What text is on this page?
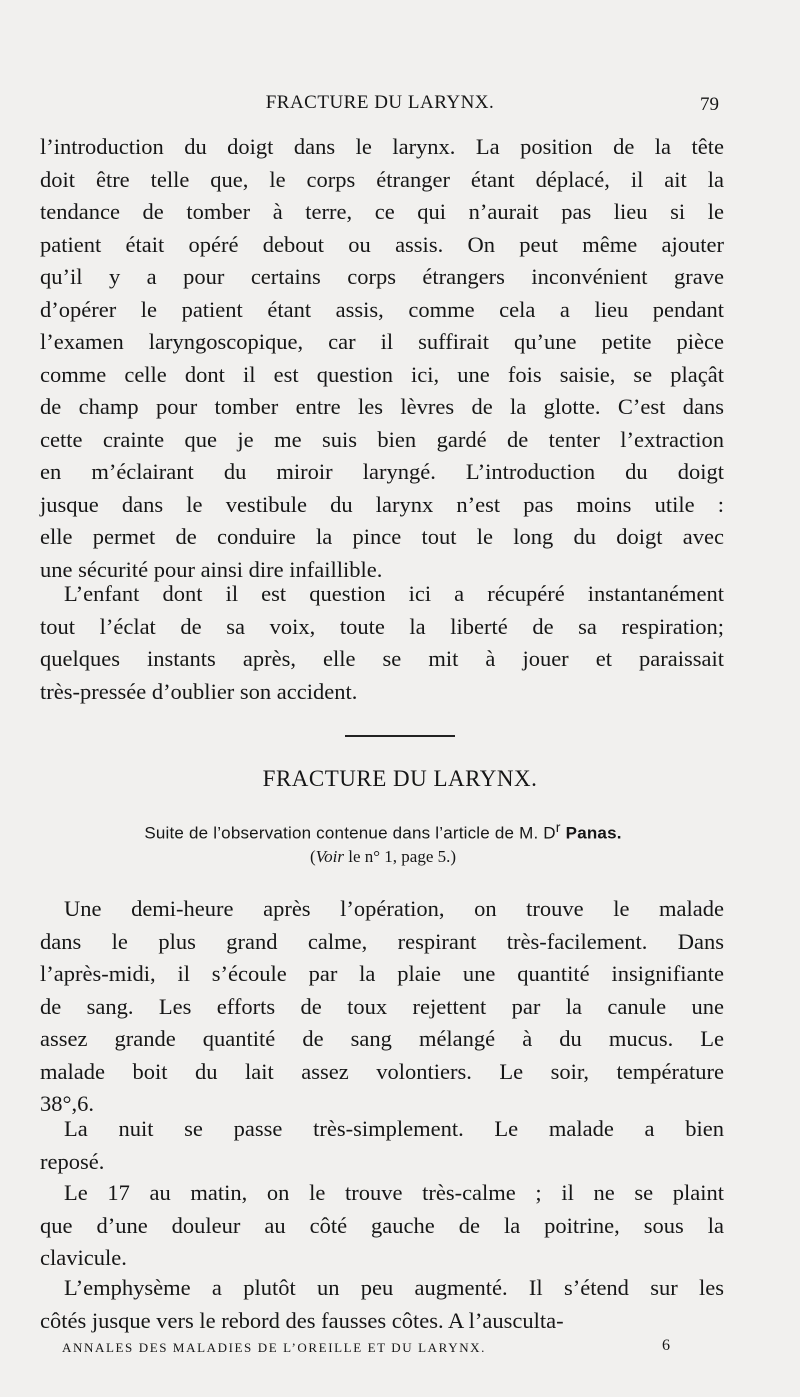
FRACTURE DU LARYNX.	79
l’introduction du doigt dans le larynx. La position de la tête
doit être telle que, le corps étranger étant déplacé, il ait la
tendance de tomber à terre, ce qui n’aurait pas lieu si le
patient était opéré debout ou assis. On peut même ajouter
qu’il y a pour certains corps étrangers inconvénient grave
d’opérer le patient étant assis, comme cela a lieu pendant
l’examen laryngoscopique, car il suffirait qu’une petite pièce
comme celle dont il est question ici, une fois saisie, se plaçât
de champ pour tomber entre les lèvres de la glotte. C’est dans
cette crainte que je me suis bien gardé de tenter l’extraction
en m’éclairant du miroir laryngé. L’introduction du doigt
jusque dans le vestibule du larynx n’est pas moins utile :
elle permet de conduire la pince tout le long du doigt avec
une sécurité pour ainsi dire infaillible.
L’enfant dont il est question ici a récupéré instantanément
tout l’éclat de sa voix, toute la liberté de sa respiration;
quelques instants après, elle se mit à jouer et paraissait
très-pressée d’oublier son accident.
FRACTURE DU LARYNX.
Suite de l’observation contenue dans l’article de M. $D^r$ Panas.
(Voir le n° 1, page 5.)
Une demi-heure après l’opération, on trouve le malade
dans le plus grand calme, respirant très-facilement. Dans
l’après-midi, il s’écoule par la plaie une quantité insignifiante
de sang. Les efforts de toux rejettent par la canule une
assez grande quantité de sang mélangé à du mucus. Le
malade boit du lait assez volontiers. Le soir, température
38°,6.
La nuit se passe très-simplement. Le malade a bien
reposé.
Le 17 au matin, on le trouve très-calme ; il ne se plaint
que d’une douleur au côté gauche de la poitrine, sous la
clavicule.
L’emphysème a plutôt un peu augmenté. Il s’étend sur les
côtés jusque vers le rebord des fausses côtes. A l’ausculta-
ANNALES DES MALADIES DE L’OREILLE ET DU LARYNX.	6
